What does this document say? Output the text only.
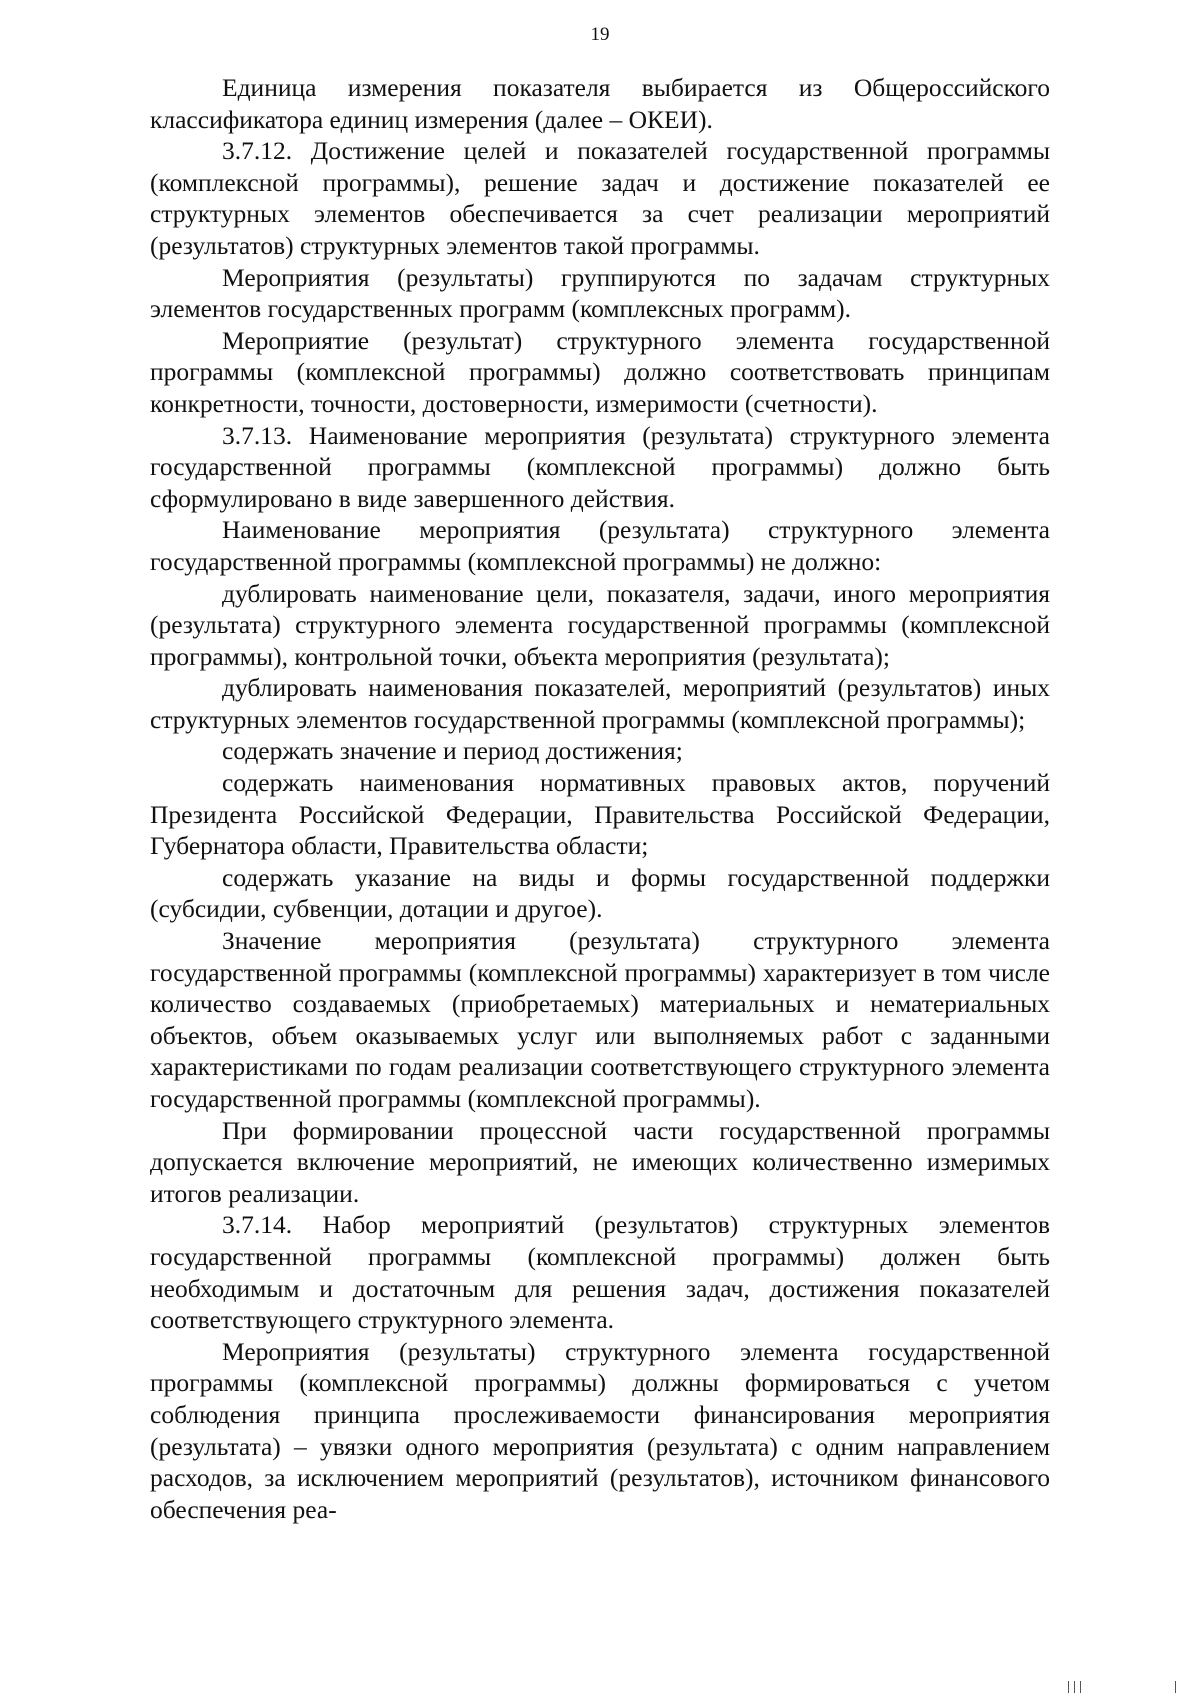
19

Единица измерения показателя выбирается из Общероссийского классификатора единиц измерения (далее – ОКЕИ).

3.7.12. Достижение целей и показателей государственной программы (комплексной программы), решение задач и достижение показателей ее структурных элементов обеспечивается за счет реализации мероприятий (результатов) структурных элементов такой программы.

Мероприятия (результаты) группируются по задачам структурных элементов государственных программ (комплексных программ).

Мероприятие (результат) структурного элемента государственной программы (комплексной программы) должно соответствовать принципам конкретности, точности, достоверности, измеримости (счетности).

3.7.13. Наименование мероприятия (результата) структурного элемента государственной программы (комплексной программы) должно быть сформулировано в виде завершенного действия.

Наименование мероприятия (результата) структурного элемента государственной программы (комплексной программы) не должно:

дублировать наименование цели, показателя, задачи, иного мероприятия (результата) структурного элемента государственной программы (комплексной программы), контрольной точки, объекта мероприятия (результата);

дублировать наименования показателей, мероприятий (результатов) иных структурных элементов государственной программы (комплексной программы);

содержать значение и период достижения;

содержать наименования нормативных правовых актов, поручений Президента Российской Федерации, Правительства Российской Федерации, Губернатора области, Правительства области;

содержать указание на виды и формы государственной поддержки (субсидии, субвенции, дотации и другое).

Значение мероприятия (результата) структурного элемента государственной программы (комплексной программы) характеризует в том числе количество создаваемых (приобретаемых) материальных и нематериальных объектов, объем оказываемых услуг или выполняемых работ с заданными характеристиками по годам реализации соответствующего структурного элемента государственной программы (комплексной программы).

При формировании процессной части государственной программы допускается включение мероприятий, не имеющих количественно измеримых итогов реализации.

3.7.14. Набор мероприятий (результатов) структурных элементов государственной программы (комплексной программы) должен быть необходимым и достаточным для решения задач, достижения показателей соответствующего структурного элемента.

Мероприятия (результаты) структурного элемента государственной программы (комплексной программы) должны формироваться с учетом соблюдения принципа прослеживаемости финансирования мероприятия (результата) – увязки одного мероприятия (результата) с одним направлением расходов, за исключением мероприятий (результатов), источником финансового обеспечения реа-
